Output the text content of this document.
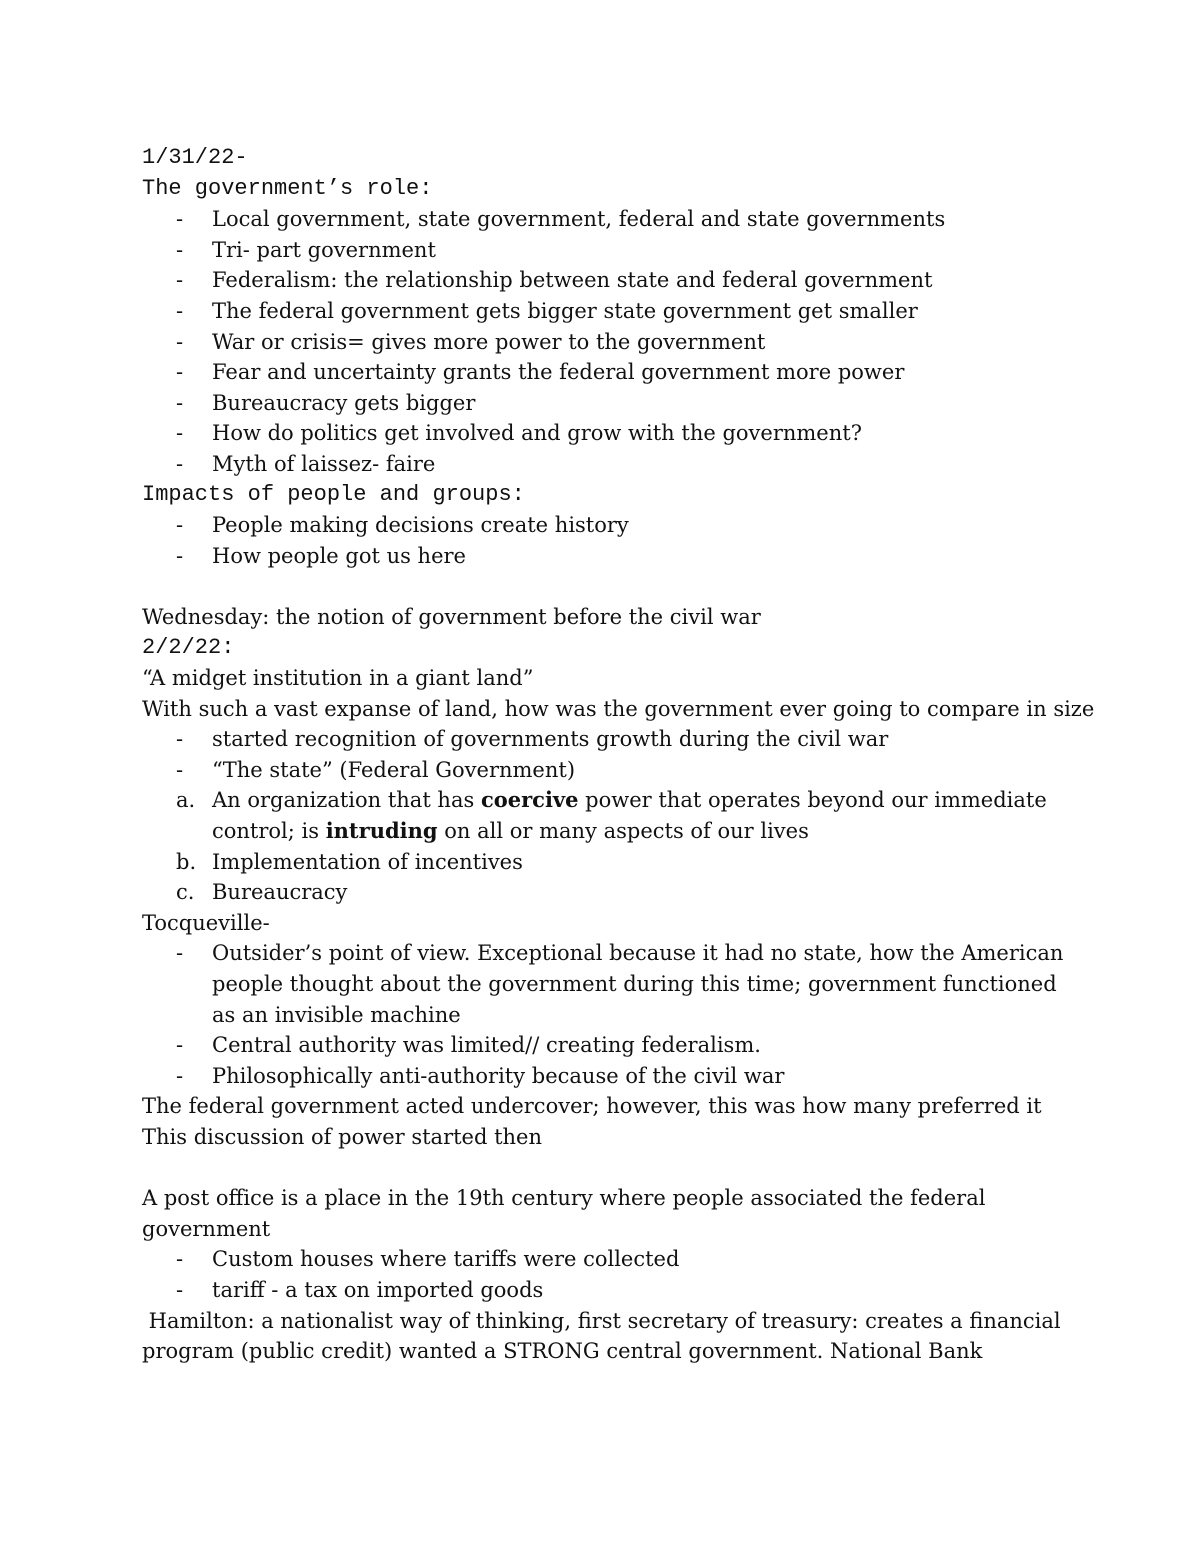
1/31/22-
The government’s role:
- Local government, state government, federal and state governments
- Tri- part government
- Federalism: the relationship between state and federal government
- The federal government gets bigger state government get smaller
- War or crisis= gives more power to the government
- Fear and uncertainty grants the federal government more power
- Bureaucracy gets bigger
- How do politics get involved and grow with the government?
- Myth of laissez- faire
Impacts of people and groups:
- People making decisions create history
- How people got us here
Wednesday: the notion of government before the civil war
2/2/22:
“A midget institution in a giant land”
With such a vast expanse of land, how was the government ever going to compare in size
- started recognition of governments growth during the civil war
- “The state” (Federal Government)
a. An organization that has coercive power that operates beyond our immediate
control; is intruding on all or many aspects of our lives
b. Implementation of incentives
c. Bureaucracy
Tocqueville-
- Outsider’s point of view. Exceptional because it had no state, how the American
people thought about the government during this time; government functioned
as an invisible machine
- Central authority was limited// creating federalism.
- Philosophically anti-authority because of the civil war
The federal government acted undercover; however, this was how many preferred it
This discussion of power started then
A post office is a place in the 19th century where people associated the federal
government
- Custom houses where tariffs were collected
- tariff - a tax on imported goods
Hamilton: a nationalist way of thinking, first secretary of treasury: creates a financial
program (public credit) wanted a STRONG central government. National Bank
